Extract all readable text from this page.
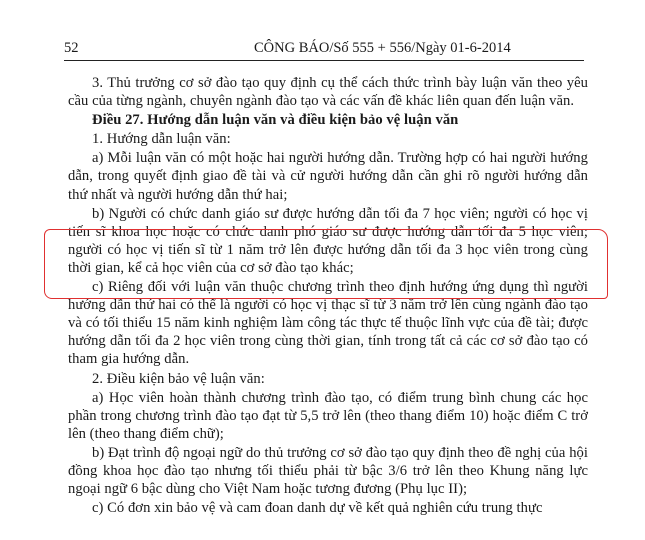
52	CÔNG BÁO/Số 555 + 556/Ngày 01-6-2014

3. Thủ trưởng cơ sở đào tạo quy định cụ thể cách thức trình bày luận văn theo yêu cầu của từng ngành, chuyên ngành đào tạo và các vấn đề khác liên quan đến luận văn.

Điều 27. Hướng dẫn luận văn và điều kiện bảo vệ luận văn

1. Hướng dẫn luận văn:

a) Mỗi luận văn có một hoặc hai người hướng dẫn. Trường hợp có hai người hướng dẫn, trong quyết định giao đề tài và cử người hướng dẫn cần ghi rõ người hướng dẫn thứ nhất và người hướng dẫn thứ hai;

b) Người có chức danh giáo sư được hướng dẫn tối đa 7 học viên; người có học vị tiến sĩ khoa học hoặc có chức danh phó giáo sư được hướng dẫn tối đa 5 học viên; người có học vị tiến sĩ từ 1 năm trở lên được hướng dẫn tối đa 3 học viên trong cùng thời gian, kể cả học viên của cơ sở đào tạo khác;

c) Riêng đối với luận văn thuộc chương trình theo định hướng ứng dụng thì người hướng dẫn thứ hai có thể là người có học vị thạc sĩ từ 3 năm trở lên cùng ngành đào tạo và có tối thiểu 15 năm kinh nghiệm làm công tác thực tế thuộc lĩnh vực của đề tài; được hướng dẫn tối đa 2 học viên trong cùng thời gian, tính trong tất cả các cơ sở đào tạo có tham gia hướng dẫn.

2. Điều kiện bảo vệ luận văn:

a) Học viên hoàn thành chương trình đào tạo, có điểm trung bình chung các học phần trong chương trình đào tạo đạt từ 5,5 trở lên (theo thang điểm 10) hoặc điểm C trở lên (theo thang điểm chữ);

b) Đạt trình độ ngoại ngữ do thủ trưởng cơ sở đào tạo quy định theo đề nghị của hội đồng khoa học đào tạo nhưng tối thiểu phải từ bậc 3/6 trở lên theo Khung năng lực ngoại ngữ 6 bậc dùng cho Việt Nam hoặc tương đương (Phụ lục II);

c) Có đơn xin bảo vệ và cam đoan danh dự về kết quả nghiên cứu trung thực
